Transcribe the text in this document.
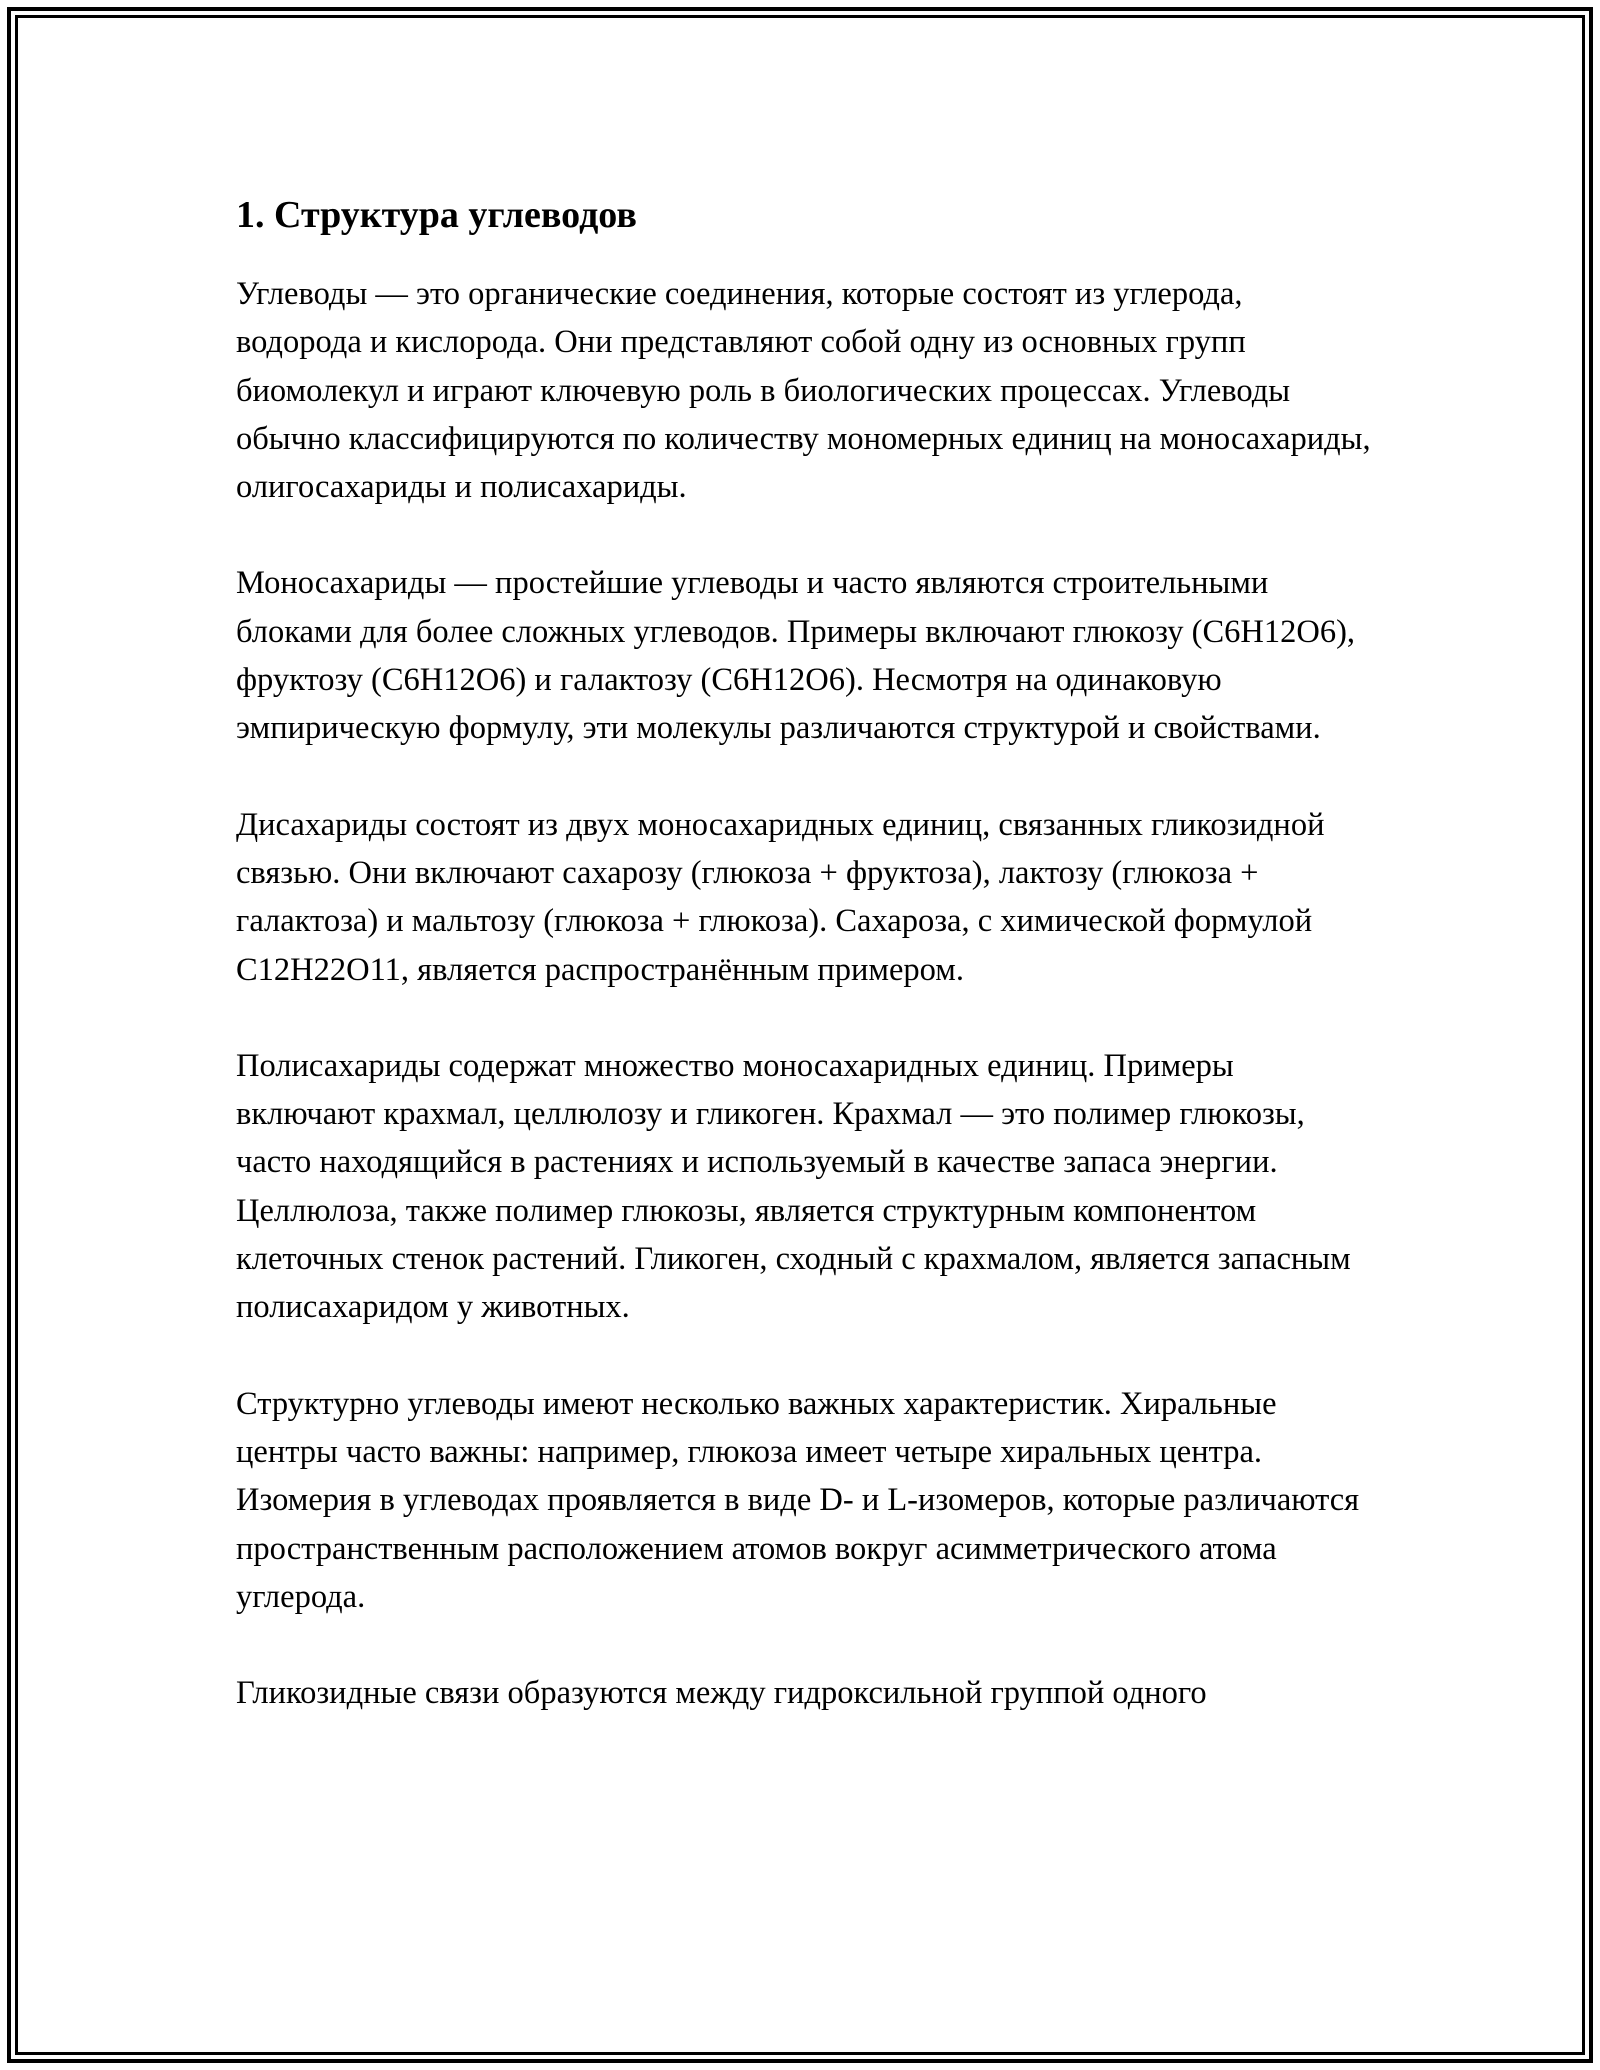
1. Структура углеводов

Углеводы — это органические соединения, которые состоят из углерода, водорода и кислорода. Они представляют собой одну из основных групп биомолекул и играют ключевую роль в биологических процессах. Углеводы обычно классифицируются по количеству мономерных единиц на моносахариды, олигосахариды и полисахариды.

Моносахариды — простейшие углеводы и часто являются строительными блоками для более сложных углеводов. Примеры включают глюкозу (C6H12O6), фруктозу (C6H12O6) и галактозу (C6H12O6). Несмотря на одинаковую эмпирическую формулу, эти молекулы различаются структурой и свойствами.

Дисахариды состоят из двух моносахаридных единиц, связанных гликозидной связью. Они включают сахарозу (глюкоза + фруктоза), лактозу (глюкоза + галактоза) и мальтозу (глюкоза + глюкоза). Сахароза, с химической формулой C12H22O11, является распространённым примером.

Полисахариды содержат множество моносахаридных единиц. Примеры включают крахмал, целлюлозу и гликоген. Крахмал — это полимер глюкозы, часто находящийся в растениях и используемый в качестве запаса энергии. Целлюлоза, также полимер глюкозы, является структурным компонентом клеточных стенок растений. Гликоген, сходный с крахмалом, является запасным полисахаридом у животных.

Структурно углеводы имеют несколько важных характеристик. Хиральные центры часто важны: например, глюкоза имеет четыре хиральных центра. Изомерия в углеводах проявляется в виде D- и L-изомеров, которые различаются пространственным расположением атомов вокруг асимметрического атома углерода.

Гликозидные связи образуются между гидроксильной группой одного
